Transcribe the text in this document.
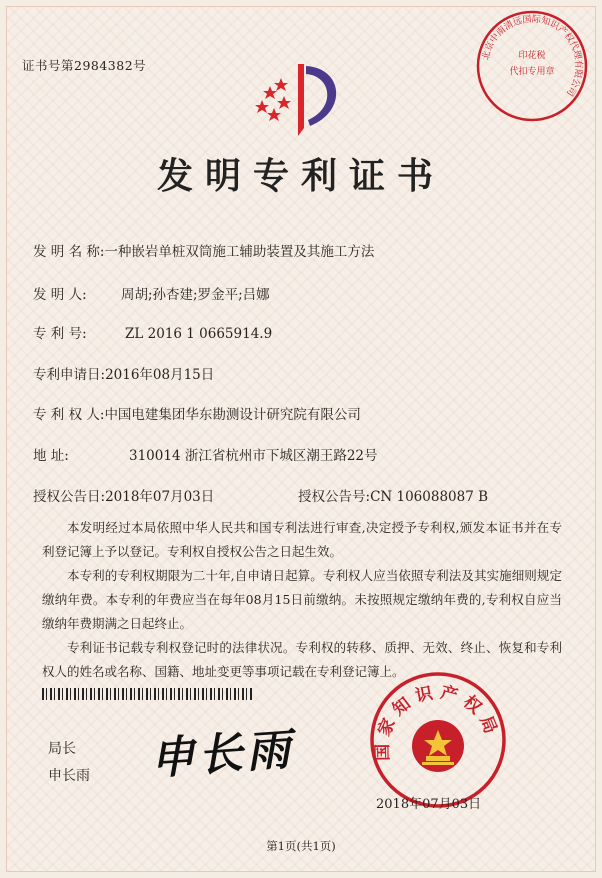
证书号第2984382号
发明专利证书
发 明 名 称:一种嵌岩单桩双筒施工辅助装置及其施工方法
发 明 人:	周胡;孙杏建;罗金平;吕娜
专 利 号:	ZL 2016 1 0665914.9
专利申请日:2016年08月15日
专 利 权 人:中国电建集团华东勘测设计研究院有限公司
地 址:	310014 浙江省杭州市下城区潮王路22号
授权公告日:2018年07月03日	授权公告号:CN 106088087 B

本发明经过本局依照中华人民共和国专利法进行审查,决定授予专利权,颁发本证书并在专利登记簿上予以登记。专利权自授权公告之日起生效。

本专利的专利权期限为二十年,自申请日起算。专利权人应当依照专利法及其实施细则规定缴纳年费。本专利的年费应当在每年08月15日前缴纳。未按照规定缴纳年费的,专利权自应当缴纳年费期满之日起终止。

专利证书记载专利权登记时的法律状况。专利权的转移、质押、无效、终止、恢复和专利权人的姓名或名称、国籍、地址变更等事项记载在专利登记簿上。

局长
申长雨 申长雨
北京中南清远国际知识产权代理有限公司
印花税
代扣专用章
国家知识产权局
2018年07月03日
第1页(共1页)
